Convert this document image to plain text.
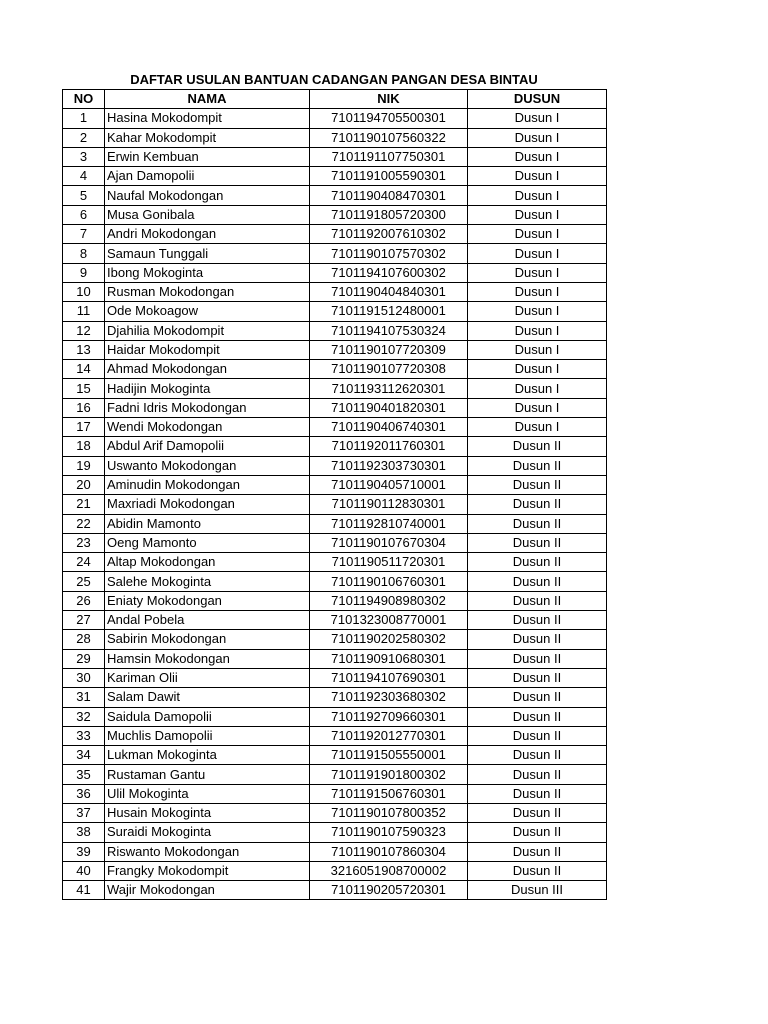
DAFTAR USULAN BANTUAN CADANGAN PANGAN DESA BINTAU
NO	NAMA	NIK	DUSUN
1	Hasina Mokodompit	7101194705500301	Dusun I
2	Kahar Mokodompit	7101190107560322	Dusun I
3	Erwin Kembuan	7101191107750301	Dusun I
4	Ajan Damopolii	7101191005590301	Dusun I
5	Naufal Mokodongan	7101190408470301	Dusun I
6	Musa Gonibala	7101191805720300	Dusun I
7	Andri Mokodongan	7101192007610302	Dusun I
8	Samaun Tunggali	7101190107570302	Dusun I
9	Ibong Mokoginta	7101194107600302	Dusun I
10	Rusman Mokodongan	7101190404840301	Dusun I
11	Ode Mokoagow	7101191512480001	Dusun I
12	Djahilia Mokodompit	7101194107530324	Dusun I
13	Haidar Mokodompit	7101190107720309	Dusun I
14	Ahmad Mokodongan	7101190107720308	Dusun I
15	Hadijin Mokoginta	7101193112620301	Dusun I
16	Fadni Idris Mokodongan	7101190401820301	Dusun I
17	Wendi Mokodongan	7101190406740301	Dusun I
18	Abdul Arif Damopolii	7101192011760301	Dusun II
19	Uswanto Mokodongan	7101192303730301	Dusun II
20	Aminudin Mokodongan	7101190405710001	Dusun II
21	Maxriadi Mokodongan	7101190112830301	Dusun II
22	Abidin Mamonto	7101192810740001	Dusun II
23	Oeng Mamonto	7101190107670304	Dusun II
24	Altap Mokodongan	7101190511720301	Dusun II
25	Salehe Mokoginta	7101190106760301	Dusun II
26	Eniaty Mokodongan	7101194908980302	Dusun II
27	Andal Pobela	7101323008770001	Dusun II
28	Sabirin Mokodongan	7101190202580302	Dusun II
29	Hamsin Mokodongan	7101190910680301	Dusun II
30	Kariman Olii	7101194107690301	Dusun II
31	Salam Dawit	7101192303680302	Dusun II
32	Saidula Damopolii	7101192709660301	Dusun II
33	Muchlis Damopolii	7101192012770301	Dusun II
34	Lukman Mokoginta	7101191505550001	Dusun II
35	Rustaman Gantu	7101191901800302	Dusun II
36	Ulil Mokoginta	7101191506760301	Dusun II
37	Husain Mokoginta	7101190107800352	Dusun II
38	Suraidi Mokoginta	7101190107590323	Dusun II
39	Riswanto Mokodongan	7101190107860304	Dusun II
40	Frangky Mokodompit	3216051908700002	Dusun II
41	Wajir Mokodongan	7101190205720301	Dusun III
